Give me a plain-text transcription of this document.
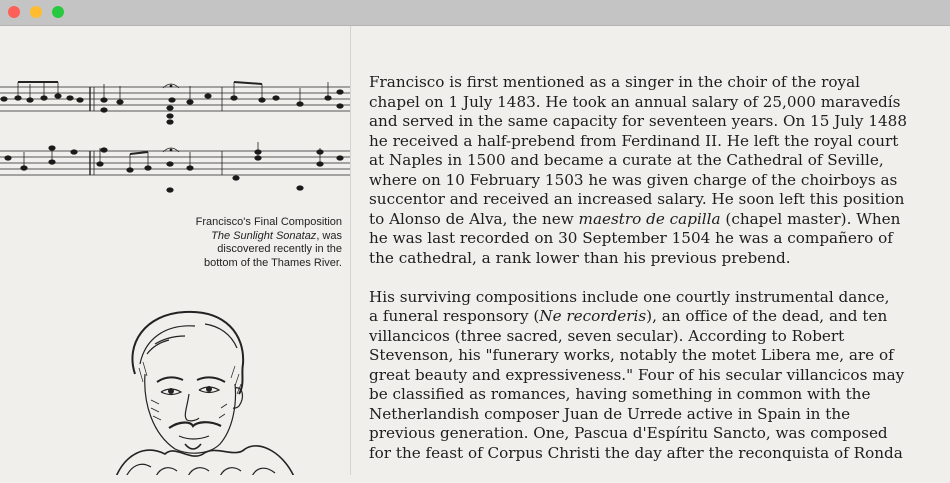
Francisco's Final Composition
The Sunlight Sonataz, was
discovered recently in the
bottom of the Thames River.

Francisco is first mentioned as a singer in the choir of the royal
chapel on 1 July 1483. He took an annual salary of 25,000 maravedís
and served in the same capacity for seventeen years. On 15 July 1488
he received a half-prebend from Ferdinand II. He left the royal court
at Naples in 1500 and became a curate at the Cathedral of Seville,
where on 10 February 1503 he was given charge of the choirboys as
succentor and received an increased salary. He soon left this position
to Alonso de Alva, the new maestro de capilla (chapel master). When
he was last recorded on 30 September 1504 he was a compañero of
the cathedral, a rank lower than his previous prebend.

His surviving compositions include one courtly instrumental dance,
a funeral responsory (Ne recorderis), an office of the dead, and ten
villancicos (three sacred, seven secular). According to Robert
Stevenson, his "funerary works, notably the motet Libera me, are of
great beauty and expressiveness." Four of his secular villancicos may
be classified as romances, having something in common with the
Netherlandish composer Juan de Urrede active in Spain in the
previous generation. One, Pascua d'Espíritu Sancto, was composed
for the feast of Corpus Christi the day after the reconquista of Ronda
